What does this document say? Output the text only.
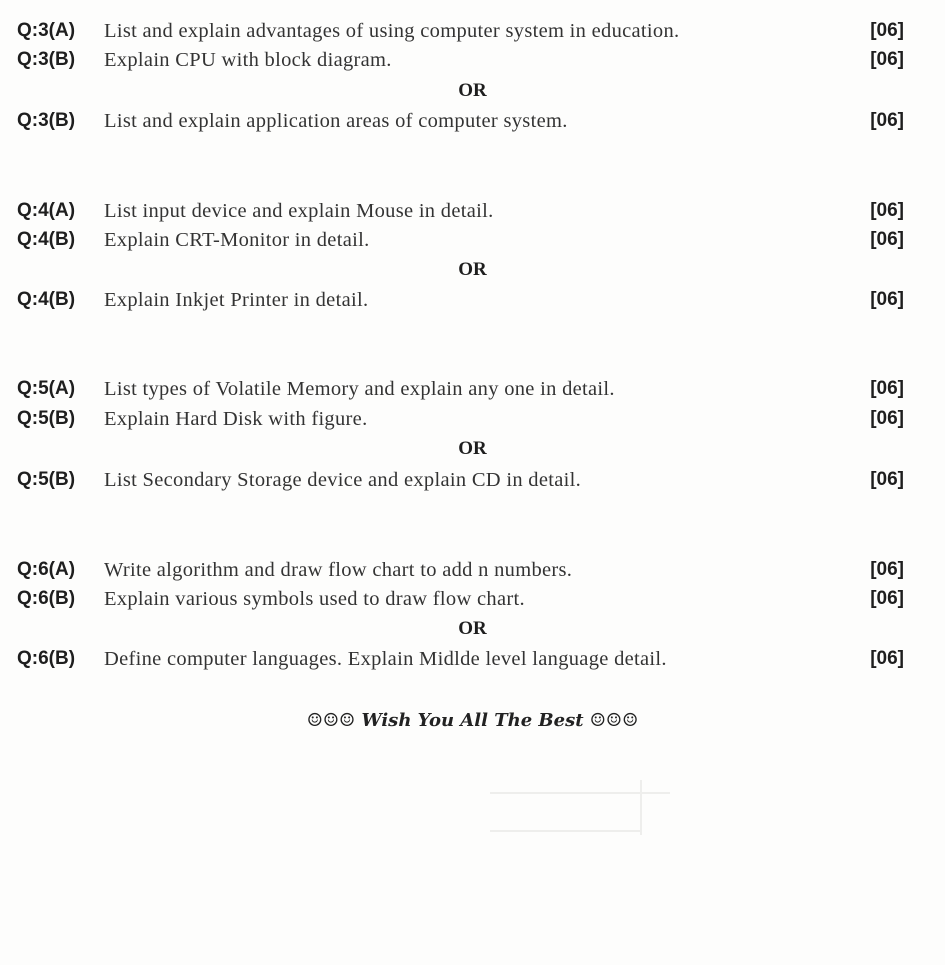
Q:3(A) List and explain advantages of using computer system in education.	[06]
Q:3(B) Explain CPU with block diagram.	[06]
OR
Q:3(B) List and explain application areas of computer system.	[06]
Q:4(A) List input device and explain Mouse in detail.	[06]
Q:4(B) Explain CRT-Monitor in detail.	[06]
OR
Q:4(B) Explain Inkjet Printer in detail.	[06]
Q:5(A) List types of Volatile Memory and explain any one in detail.	[06]
Q:5(B) Explain Hard Disk with figure.	[06]
OR
Q:5(B) List Secondary Storage device and explain CD in detail.	[06]
Q:6(A) Write algorithm and draw flow chart to add n numbers.	[06]
Q:6(B) Explain various symbols used to draw flow chart.	[06]
OR
Q:6(B) Define computer languages. Explain Midlde level language detail.	[06]
☺☺☺ Wish You All The Best ☺☺☺
